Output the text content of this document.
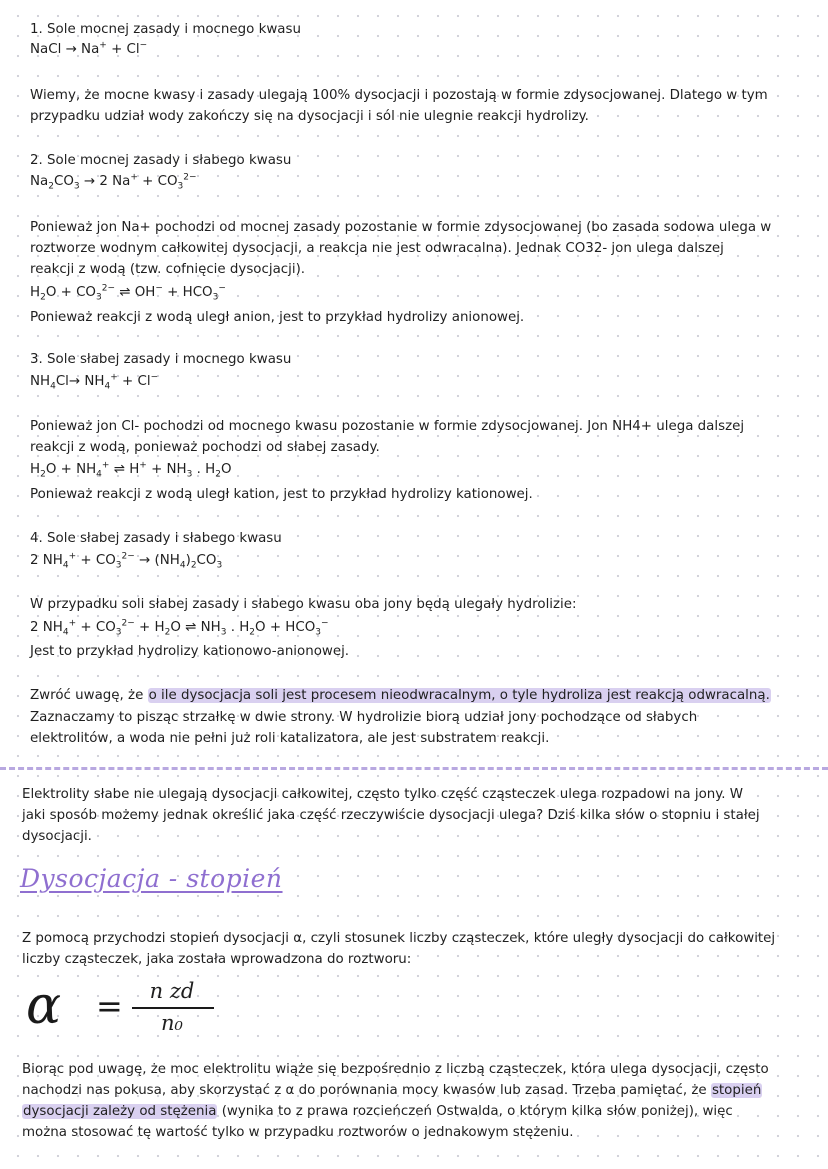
1. Sole mocnej zasady i mocnego kwasu
NaCl → Na+ + Cl−
Wiemy, że mocne kwasy i zasady ulegają 100% dysocjacji i pozostają w formie zdysocjowanej. Dlatego w tym
przypadku udział wody zakończy się na dysocjacji i sól nie ulegnie reakcji hydrolizy.
2. Sole mocnej zasady i słabego kwasu
$Na_2CO_3 \to 2$ $Na^+ + CO_3^{2-}$
Ponieważ jon Na+ pochodzi od mocnej zasady pozostanie w formie zdysocjowanej (bo zasada sodowa ulega w
roztworze wodnym całkowitej dysocjacji, a reakcja nie jest odwracalna). Jednak CO32- jon ulega dalszej
reakcji z wodą (tzw. cofnięcie dysocjacji).
$H_2O + CO_3^{2-}$ ⇌ $OH^- + HCO_3^-$
Ponieważ reakcji z wodą uległ anion, jest to przykład hydrolizy anionowej.
3. Sole słabej zasady i mocnego kwasu
$NH_4Cl\to NH_4^+ + Cl^-$
Ponieważ jon Cl- pochodzi od mocnego kwasu pozostanie w formie zdysocjowanej. Jon NH4+ ulega dalszej
reakcji z wodą, ponieważ pochodzi od słabej zasady.
$H_2O + NH_4^+$ ⇌ $H^+ + NH_3$ . $H_2O$
Ponieważ reakcji z wodą uległ kation, jest to przykład hydrolizy kationowej.
4. Sole słabej zasady i słabego kwasu
2 $NH_4^+ + CO_3^{2-} \to (NH_4)_2CO_3$
W przypadku soli słabej zasady i słabego kwasu oba jony będą ulegały hydrolizie:
2 $NH_4^+ + CO_3^{2-} + H_2O$ ⇌ $NH_3$ . $H_2O + HCO_3^-$
Jest to przykład hydrolizy kationowo-anionowej.
Zwróć uwagę, że o ile dysocjacja soli jest procesem nieodwracalnym, o tyle hydroliza jest reakcją odwracalną.
Zaznaczamy to pisząc strzałkę w dwie strony. W hydrolizie biorą udział jony pochodzące od słabych
elektrolitów, a woda nie pełni już roli katalizatora, ale jest substratem reakcji.
Elektrolity słabe nie ulegają dysocjacji całkowitej, często tylko część cząsteczek ulega rozpadowi na jony. W
jaki sposób możemy jednak określić jaka część rzeczywiście dysocjacji ulega? Dziś kilka słów o stopniu i stałej
dysocjacji.
Dysocjacja - stopień
Z pomocą przychodzi stopień dysocjacji α, czyli stosunek liczby cząsteczek, które uległy dysocjacji do całkowitej
liczby cząsteczek, jaka została wprowadzona do roztworu:
α =	n zd
n₀
Biorąc pod uwagę, że moc elektrolitu wiąże się bezpośrednio z liczbą cząsteczek, która ulega dysocjacji, często
nachodzi nas pokusa, aby skorzystać z α do porównania mocy kwasów lub zasad. Trzeba pamiętać, że stopień
dysocjacji zależy od stężenia (wynika to z prawa rozcieńczeń Ostwalda, o którym kilka słów poniżej), więc
można stosować tę wartość tylko w przypadku roztworów o jednakowym stężeniu.
